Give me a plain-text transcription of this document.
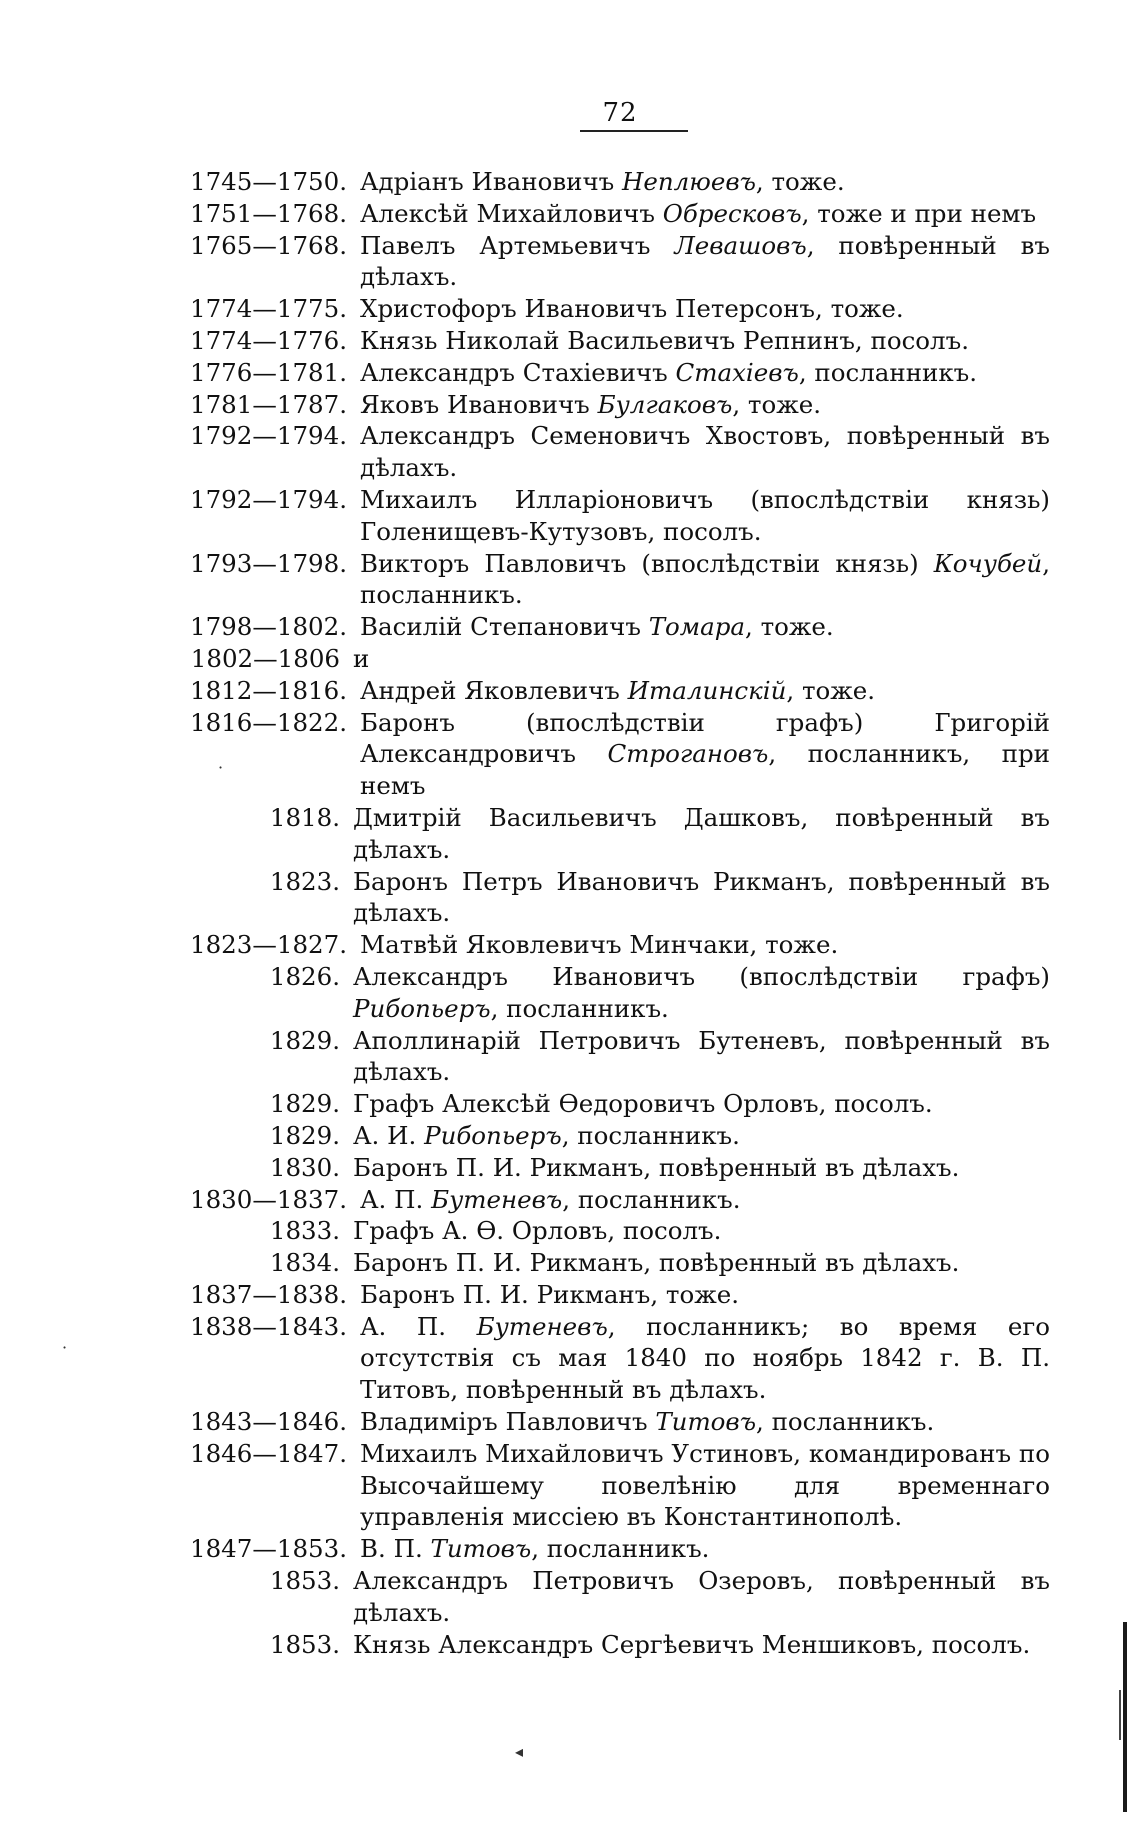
72
1745—1750. Адріанъ Ивановичъ Неплюевъ, тоже.
1751—1768. Алексѣй Михайловичъ Обресковъ, тоже и при немъ
1765—1768. Павелъ Артемьевичъ Левашовъ, повѣренный въ дѣлахъ.
1774—1775. Христофоръ Ивановичъ Петерсонъ, тоже.
1774—1776. Князь Николай Васильевичъ Репнинъ, посолъ.
1776—1781. Александръ Стахіевичъ Стахіевъ, посланникъ.
1781—1787. Яковъ Ивановичъ Булгаковъ, тоже.
1792—1794. Александръ Семеновичъ Хвостовъ, повѣренный въ дѣлахъ.
1792—1794. Михаилъ Илларіоновичъ (впослѣдствіи князь) Голенищевъ-Кутузовъ, посолъ.
1793—1798. Викторъ Павловичъ (впослѣдствіи князь) Кочубей, посланникъ.
1798—1802. Василій Степановичъ Томара, тоже.
1802—1806 и
1812—1816. Андрей Яковлевичъ Италинскій, тоже.
1816—1822. Баронъ (впослѣдствіи графъ) Григорій Александровичъ Строгановъ, посланникъ, при немъ
1818. Дмитрій Васильевичъ Дашковъ, повѣренный въ дѣлахъ.
1823. Баронъ Петръ Ивановичъ Рикманъ, повѣренный въ дѣлахъ.
1823—1827. Матвѣй Яковлевичъ Минчаки, тоже.
1826. Александръ Ивановичъ (впослѣдствіи графъ) Рибопьеръ, посланникъ.
1829. Аполлинарій Петровичъ Бутеневъ, повѣренный въ дѣлахъ.
1829. Графъ Алексѣй Ѳедоровичъ Орловъ, посолъ.
1829. А. И. Рибопьеръ, посланникъ.
1830. Баронъ П. И. Рикманъ, повѣренный въ дѣлахъ.
1830—1837. А. П. Бутеневъ, посланникъ.
1833. Графъ А. Ѳ. Орловъ, посолъ.
1834. Баронъ П. И. Рикманъ, повѣренный въ дѣлахъ.
1837—1838. Баронъ П. И. Рикманъ, тоже.
1838—1843. А. П. Бутеневъ, посланникъ; во время его отсутствія съ мая 1840 по ноябрь 1842 г. В. П. Титовъ, повѣренный въ дѣлахъ.
1843—1846. Владиміръ Павловичъ Титовъ, посланникъ.
1846—1847. Михаилъ Михайловичъ Устиновъ, командированъ по Высочайшему повелѣнію для временнаго управленія миссіею въ Константинополѣ.
1847—1853. В. П. Титовъ, посланникъ.
1853. Александръ Петровичъ Озеровъ, повѣренный въ дѣлахъ.
1853. Князь Александръ Сергѣевичъ Меншиковъ, посолъ.
·
·
◂
